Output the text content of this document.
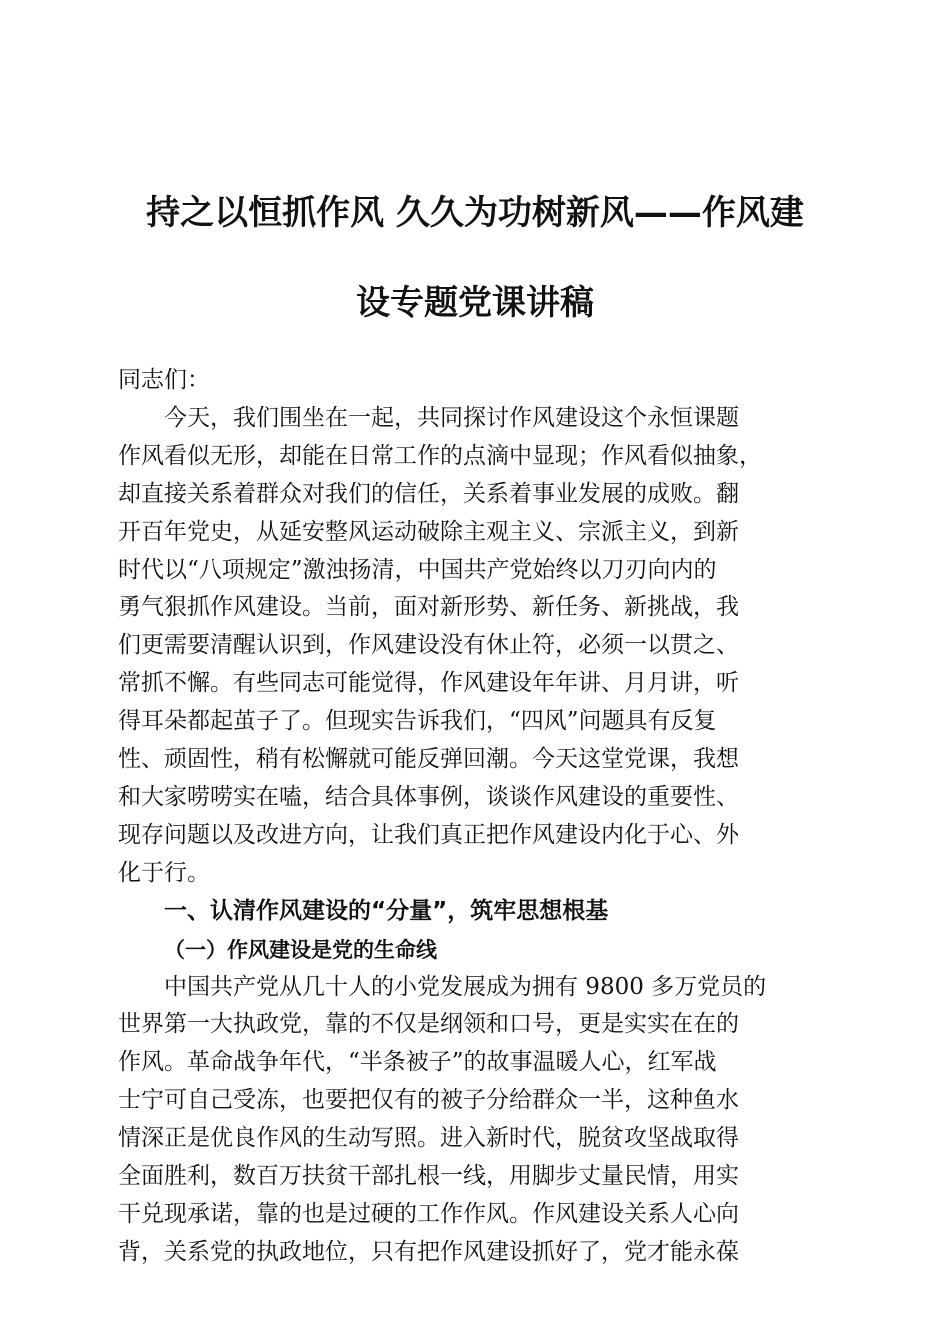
持之以恒抓作风 久久为功树新风——作风建
设专题党课讲稿

同志们：

今天，我们围坐在一起，共同探讨作风建设这个永恒课题
作风看似无形，却能在日常工作的点滴中显现；作风看似抽象，
却直接关系着群众对我们的信任，关系着事业发展的成败。翻
开百年党史，从延安整风运动破除主观主义、宗派主义，到新
时代以“八项规定”激浊扬清，中国共产党始终以刀刃向内的
勇气狠抓作风建设。当前，面对新形势、新任务、新挑战，我
们更需要清醒认识到，作风建设没有休止符，必须一以贯之、
常抓不懈。有些同志可能觉得，作风建设年年讲、月月讲，听
得耳朵都起茧子了。但现实告诉我们，“四风”问题具有反复
性、顽固性，稍有松懈就可能反弹回潮。今天这堂党课，我想
和大家唠唠实在嗑，结合具体事例，谈谈作风建设的重要性、
现存问题以及改进方向，让我们真正把作风建设内化于心、外
化于行。

一、认清作风建设的“分量”，筑牢思想根基
（一）作风建设是党的生命线

中国共产党从几十人的小党发展成为拥有 9800 多万党员的
世界第一大执政党，靠的不仅是纲领和口号，更是实实在在的
作风。革命战争年代，“半条被子”的故事温暖人心，红军战
士宁可自己受冻，也要把仅有的被子分给群众一半，这种鱼水
情深正是优良作风的生动写照。进入新时代，脱贫攻坚战取得
全面胜利，数百万扶贫干部扎根一线，用脚步丈量民情，用实
干兑现承诺，靠的也是过硬的工作作风。作风建设关系人心向
背，关系党的执政地位，只有把作风建设抓好了，党才能永葆
